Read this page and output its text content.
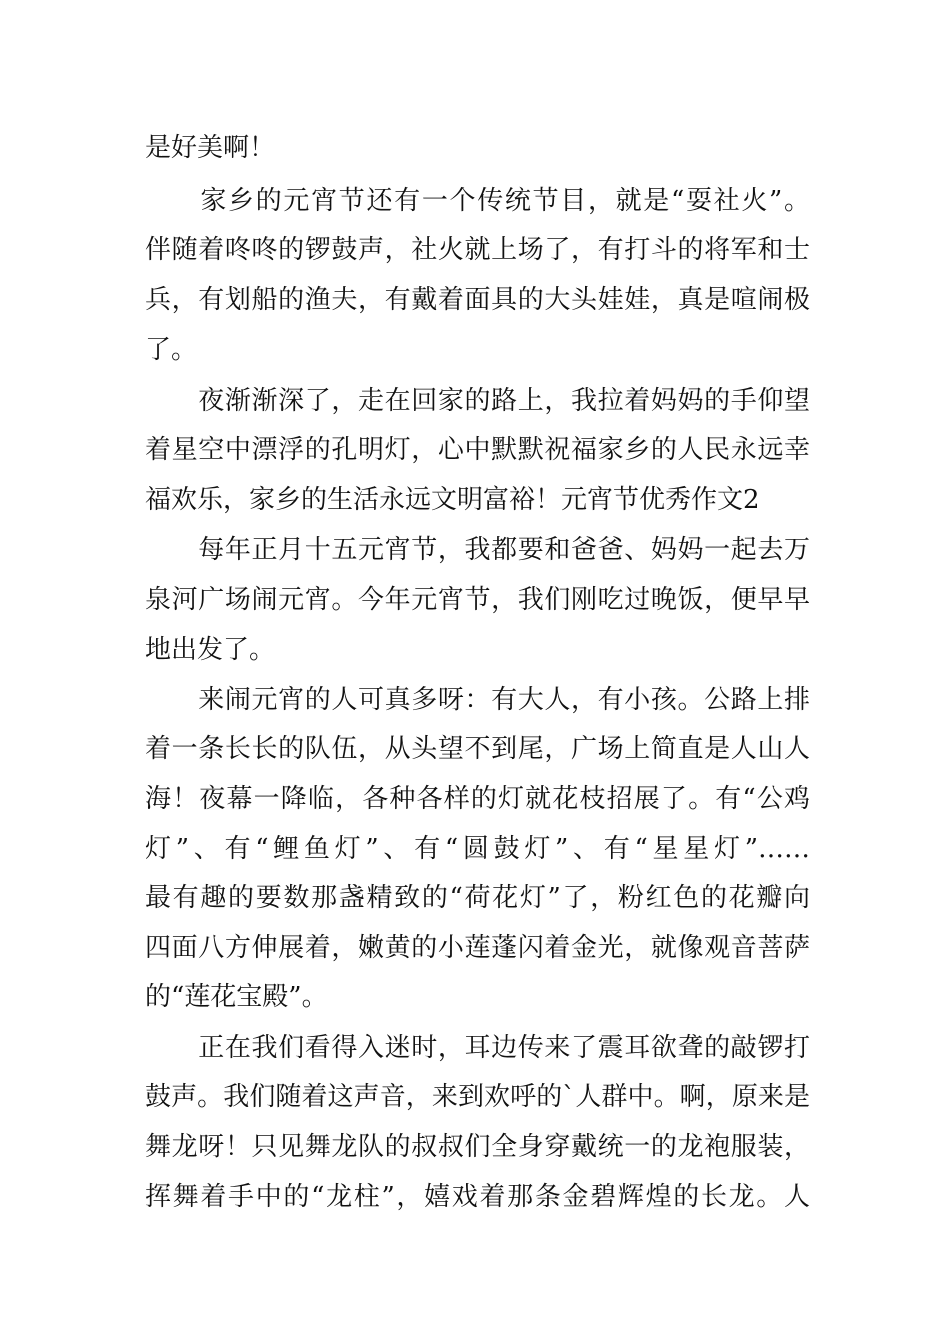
是好美啊！
　　家乡的元宵节还有一个传统节目，就是“耍社火”。
伴随着咚咚的锣鼓声，社火就上场了，有打斗的将军和士
兵，有划船的渔夫，有戴着面具的大头娃娃，真是喧闹极
了。
　　夜渐渐深了，走在回家的路上，我拉着妈妈的手仰望
着星空中漂浮的孔明灯，心中默默祝福家乡的人民永远幸
福欢乐，家乡的生活永远文明富裕！元宵节优秀作文2
　　每年正月十五元宵节，我都要和爸爸、妈妈一起去万
泉河广场闹元宵。今年元宵节，我们刚吃过晚饭，便早早
地出发了。
　　来闹元宵的人可真多呀：有大人，有小孩。公路上排
着一条长长的队伍，从头望不到尾，广场上简直是人山人
海！夜幕一降临，各种各样的灯就花枝招展了。有“公鸡
灯”、有“鲤鱼灯”、有“圆鼓灯”、有“星星灯”……
最有趣的要数那盏精致的“荷花灯”了，粉红色的花瓣向
四面八方伸展着，嫩黄的小莲蓬闪着金光，就像观音菩萨
的“莲花宝殿”。
　　正在我们看得入迷时，耳边传来了震耳欲聋的敲锣打
鼓声。我们随着这声音，来到欢呼的`人群中。啊，原来是
舞龙呀！只见舞龙队的叔叔们全身穿戴统一的龙袍服装，
挥舞着手中的“龙柱”，嬉戏着那条金碧辉煌的长龙。人
